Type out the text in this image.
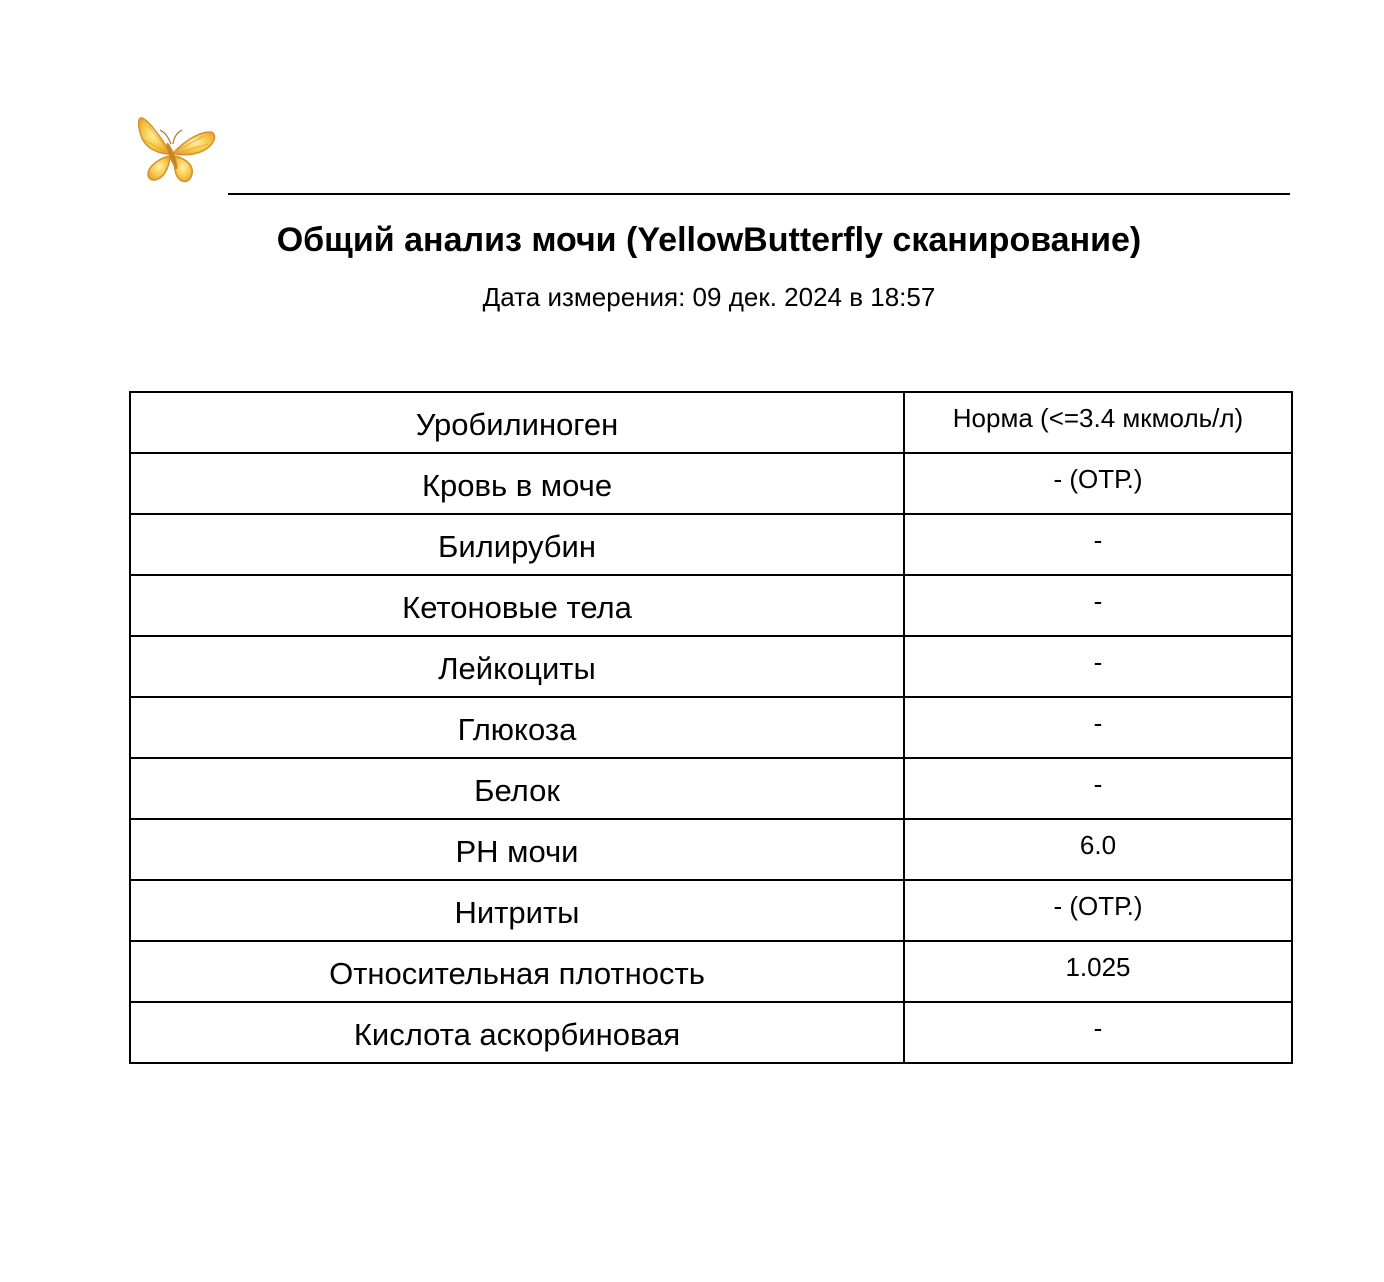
Общий анализ мочи (YellowButterfly сканирование)
Дата измерения: 09 дек. 2024 в 18:57
Уробилиноген	Норма (<=3.4 мкмоль/л)
Кровь в моче	- (ОТР.)
Билирубин	-
Кетоновые тела	-
Лейкоциты	-
Глюкоза	-
Белок	-
PH мочи	6.0
Нитриты	- (ОТР.)
Относительная плотность	1.025
Кислота аскорбиновая	-
